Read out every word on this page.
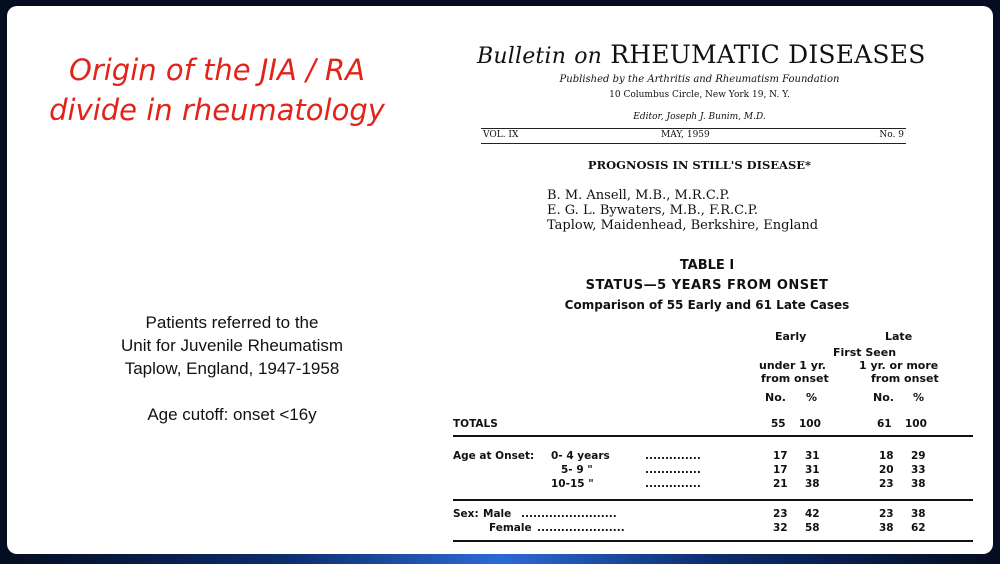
Origin of the JIA / RA
divide in rheumatology
Patients referred to the
Unit for Juvenile Rheumatism
Taplow, England, 1947-1958
Age cutoff: onset <16y
Bulletin on RHEUMATIC DISEASES
Published by the Arthritis and Rheumatism Foundation
10 Columbus Circle, New York 19, N. Y.
Editor, Joseph J. Bunim, M.D.
VOL. IX	MAY, 1959	No. 9
PROGNOSIS IN STILL'S DISEASE*
B. M. Ansell, M.B., M.R.C.P.
E. G. L. Bywaters, M.B., F.R.C.P.
Taplow, Maidenhead, Berkshire, England
TABLE I
STATUS—5 YEARS FROM ONSET
Comparison of 55 Early and 61 Late Cases
Early	Late
First Seen
under 1 yr.	1 yr. or more
from onset	from onset
No. %	No. %
TOTALS	55 100	61 100
Age at Onset: 0- 4 years	..............	17 31	18 29
5- 9 "	..............	17 31	20 33
10-15 "	..............	21 38	23 38
Sex: Male ........................	23 42	23 38
Female ......................	32 58	38 62
